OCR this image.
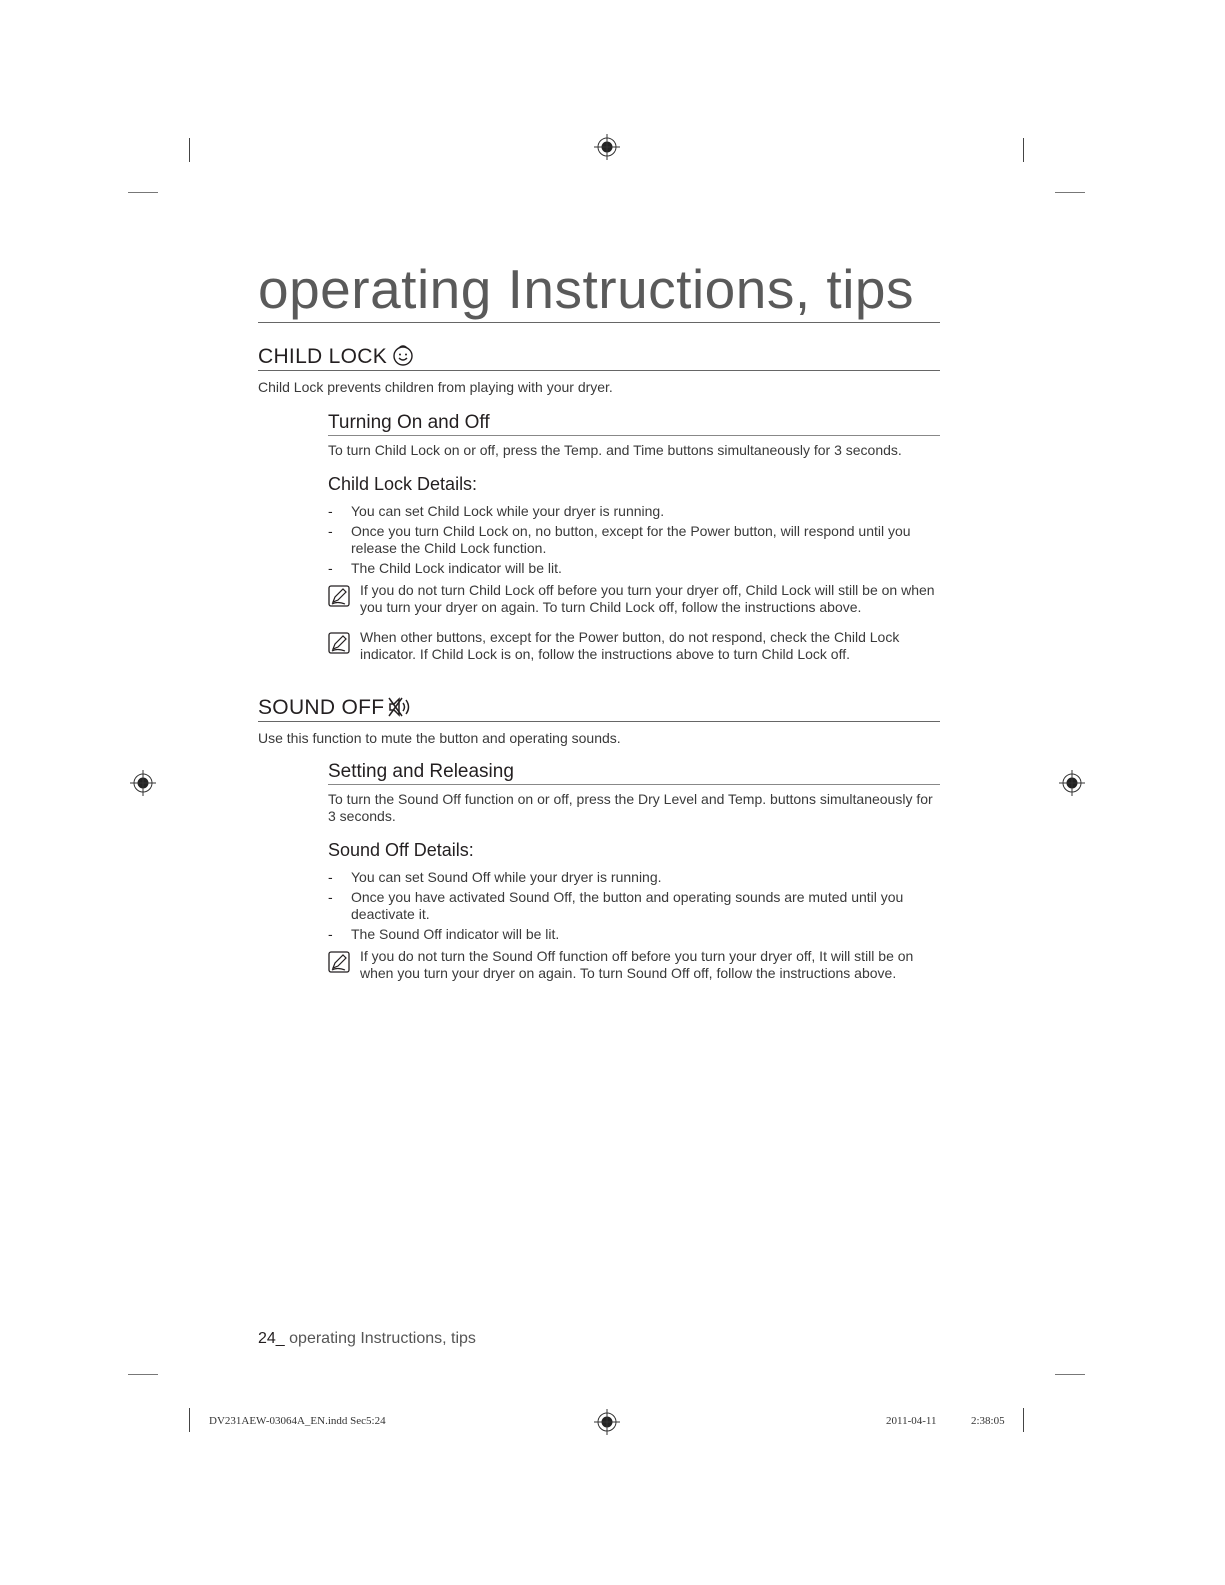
operating Instructions, tips
CHILD LOCK

Child Lock prevents children from playing with your dryer.

Turning On and Off

To turn Child Lock on or off, press the Temp. and Time buttons simultaneously for 3 seconds.

Child Lock Details:
- You can set Child Lock while your dryer is running.
- Once you turn Child Lock on, no button, except for the Power button, will respond until you release the Child Lock function.
- The Child Lock indicator will be lit.
If you do not turn Child Lock off before you turn your dryer off, Child Lock will still be on when you turn your dryer on again. To turn Child Lock off, follow the instructions above.
When other buttons, except for the Power button, do not respond, check the Child Lock indicator. If Child Lock is on, follow the instructions above to turn Child Lock off.
SOUND OFF

Use this function to mute the button and operating sounds.

Setting and Releasing

To turn the Sound Off function on or off, press the Dry Level and Temp. buttons simultaneously for 3 seconds.

Sound Off Details:
- You can set Sound Off while your dryer is running.
- Once you have activated Sound Off, the button and operating sounds are muted until you deactivate it.
- The Sound Off indicator will be lit.
If you do not turn the Sound Off function off before you turn your dryer off, It will still be on when you turn your dryer on again. To turn Sound Off off, follow the instructions above.
24_ operating Instructions, tips
DV231AEW-03064A_EN.indd Sec5:24	2011-04-11	2:38:05
